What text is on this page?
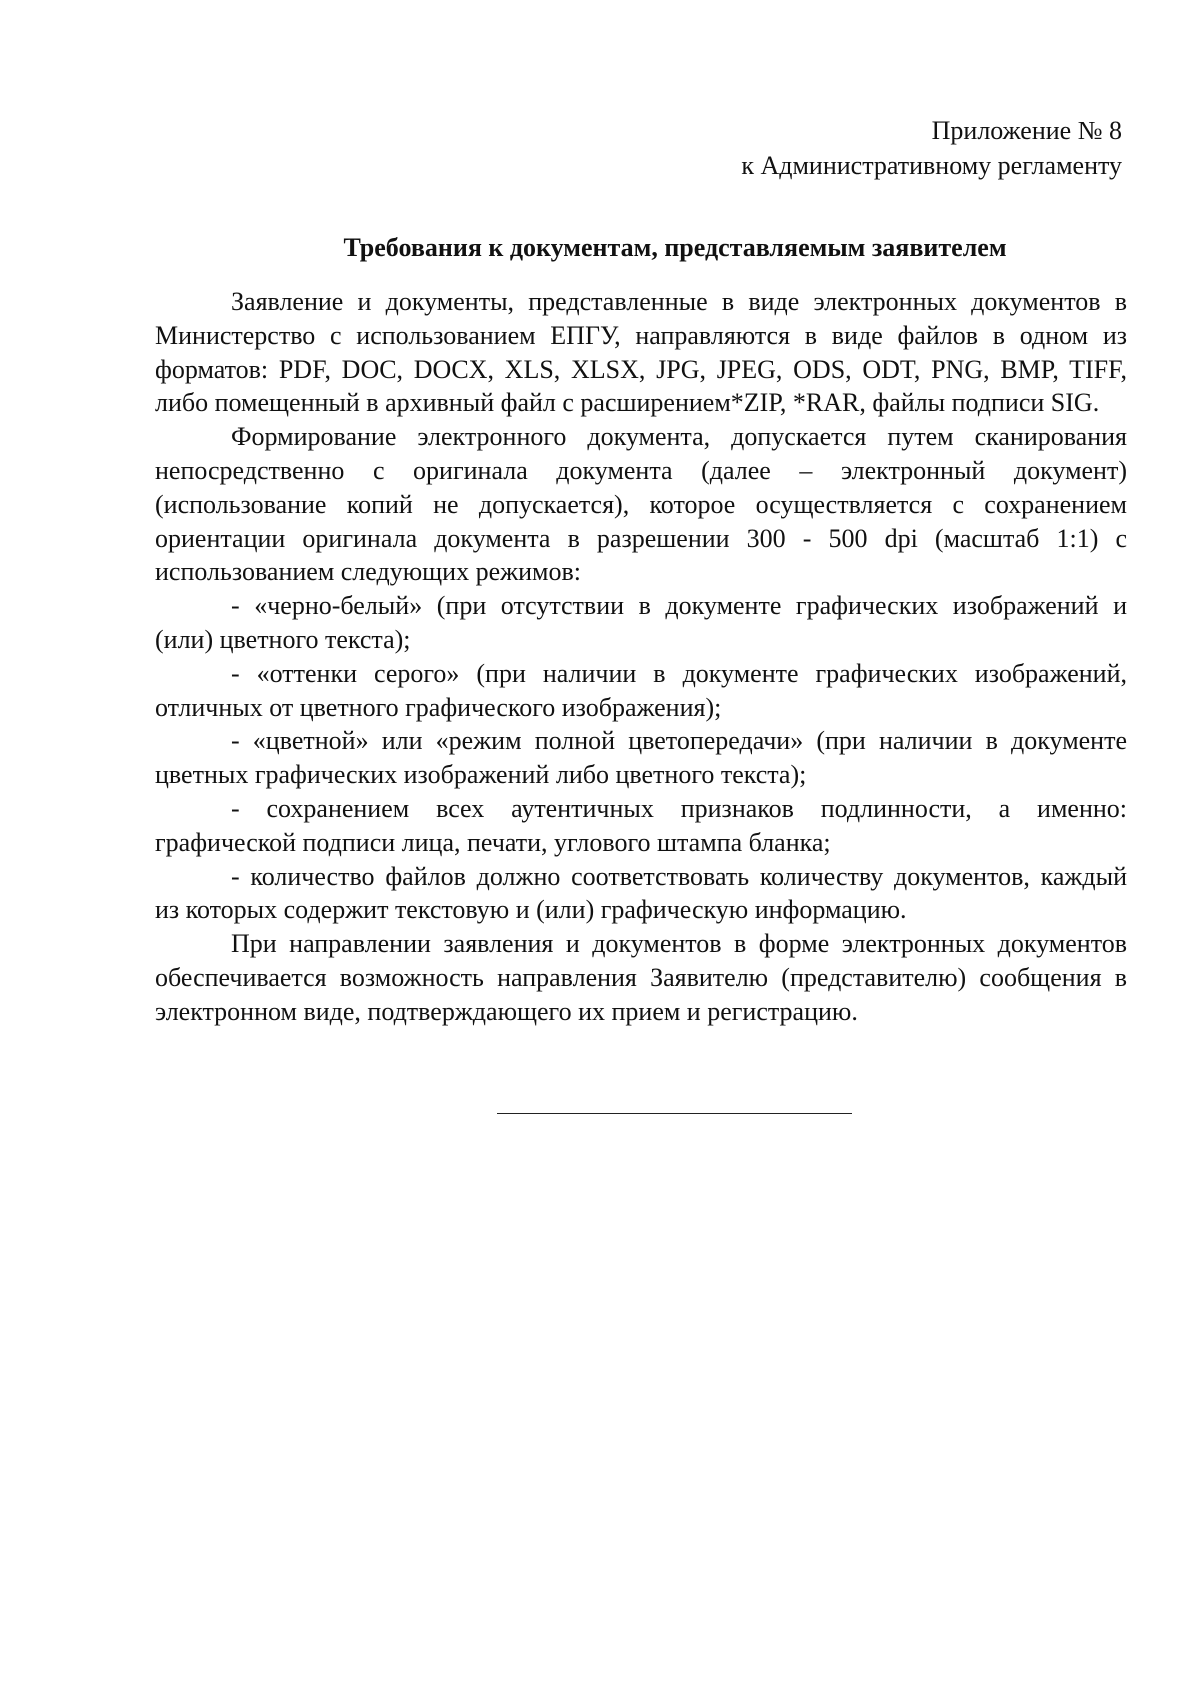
Приложение № 8
к Административному регламенту
Требования к документам, представляемым заявителем

Заявление и документы, представленные в виде электронных документов в Министерство с использованием ЕПГУ, направляются в виде файлов в одном из форматов: PDF, DOC, DOCX, XLS, XLSX, JPG, JPEG, ODS, ODT, PNG, BMP, TIFF, либо помещенный в архивный файл с расширением*ZIP, *RAR, файлы подписи SIG.

Формирование электронного документа, допускается путем сканирования непосредственно с оригинала документа (далее – электронный документ) (использование копий не допускается), которое осуществляется с сохранением ориентации оригинала документа в разрешении 300 - 500 dpi (масштаб 1:1) с использованием следующих режимов:

- «черно-белый» (при отсутствии в документе графических изображений и (или) цветного текста);

- «оттенки серого» (при наличии в документе графических изображений, отличных от цветного графического изображения);

- «цветной» или «режим полной цветопередачи» (при наличии в документе цветных графических изображений либо цветного текста);

- сохранением всех аутентичных признаков подлинности, а именно: графической подписи лица, печати, углового штампа бланка;

- количество файлов должно соответствовать количеству документов, каждый из которых содержит текстовую и (или) графическую информацию.

При направлении заявления и документов в форме электронных документов обеспечивается возможность направления Заявителю (представителю) сообщения в электронном виде, подтверждающего их прием и регистрацию.
